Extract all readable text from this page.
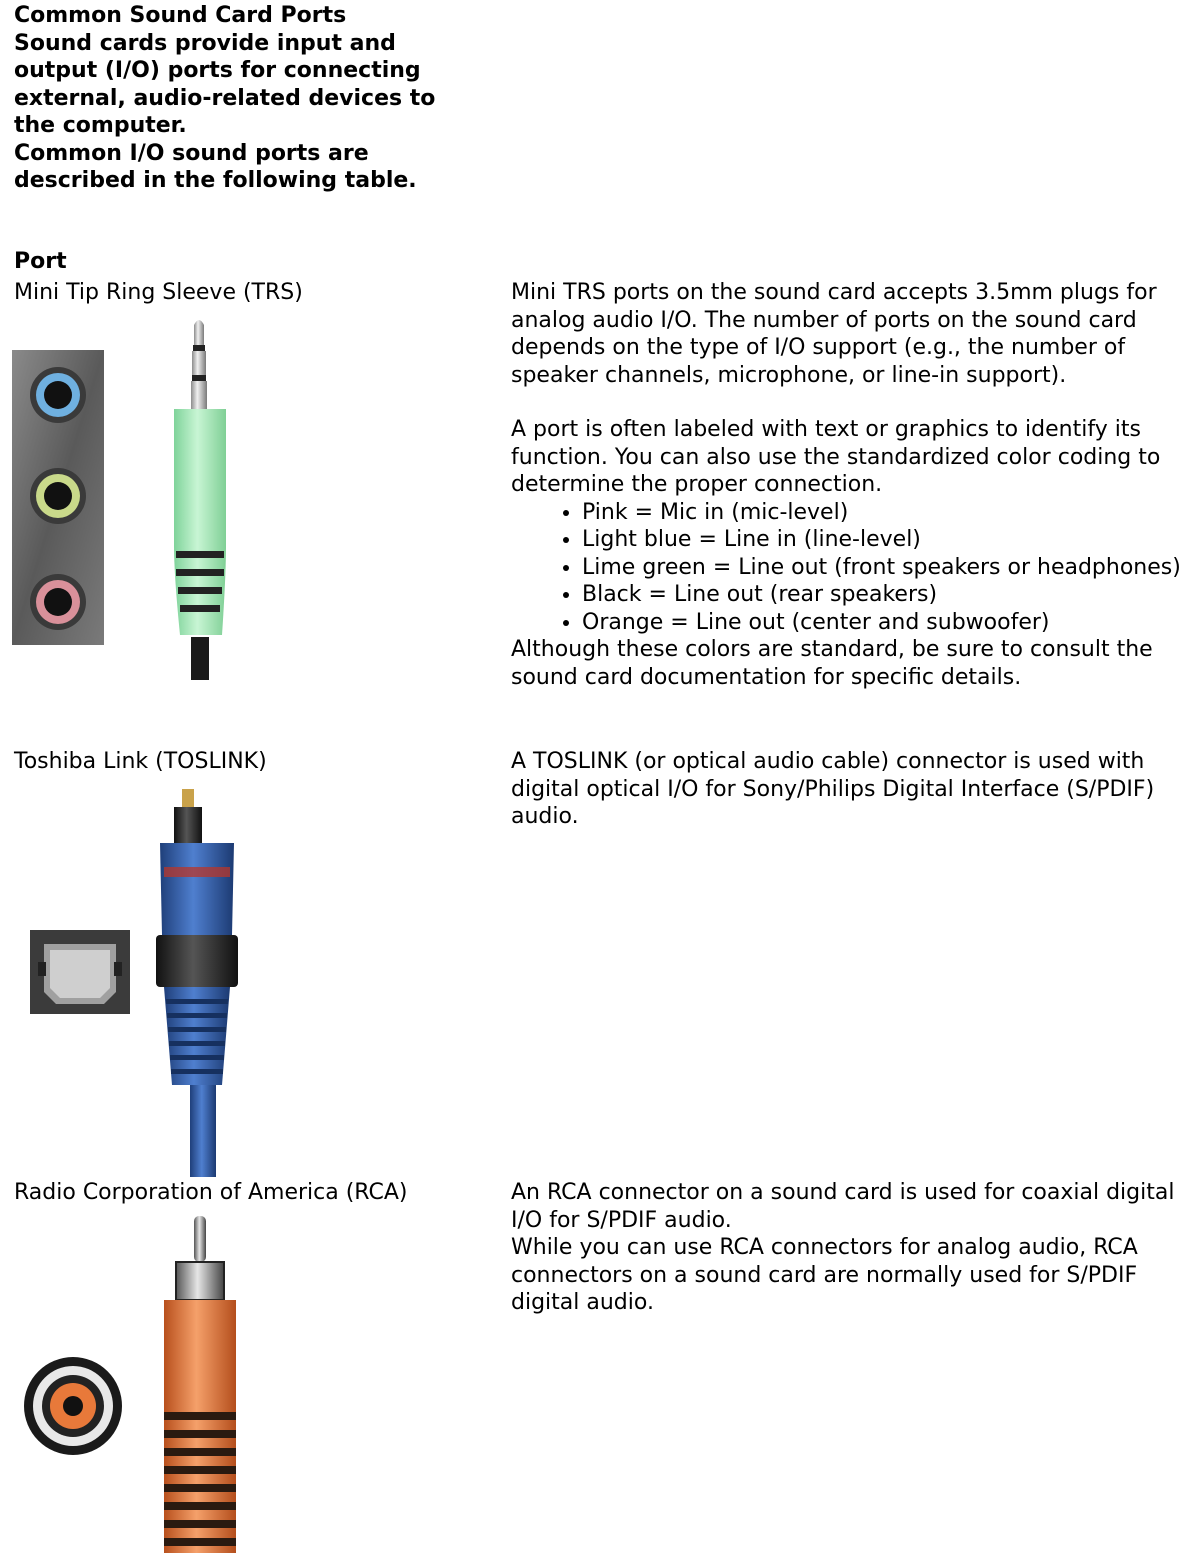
Common Sound Card Ports
Sound cards provide input and output (I/O) ports for connecting external, audio-related devices to the computer.
Common I/O sound ports are described in the following table.
Port
Mini Tip Ring Sleeve (TRS)	Mini TRS ports on the sound card accepts 3.5mm plugs for analog audio I/O. The number of ports on the sound card depends on the type of I/O support (e.g., the number of speaker channels, microphone, or line-in support).

A port is often labeled with text or graphics to identify its function. You can also use the standardized color coding to determine the proper connection.

• Pink = Mic in (mic-level)
• Light blue = Line in (line-level)
• Lime green = Line out (front speakers or headphones)
• Black = Line out (rear speakers)
• Orange = Line out (center and subwoofer)

Although these colors are standard, be sure to consult the sound card documentation for specific details.

Toshiba Link (TOSLINK)	A TOSLINK (or optical audio cable) connector is used with digital optical I/O for Sony/Philips Digital Interface (S/PDIF) audio.

Radio Corporation of America (RCA)	An RCA connector on a sound card is used for coaxial digital I/O for S/PDIF audio.

While you can use RCA connectors for analog audio, RCA connectors on a sound card are normally used for S/PDIF digital audio.
